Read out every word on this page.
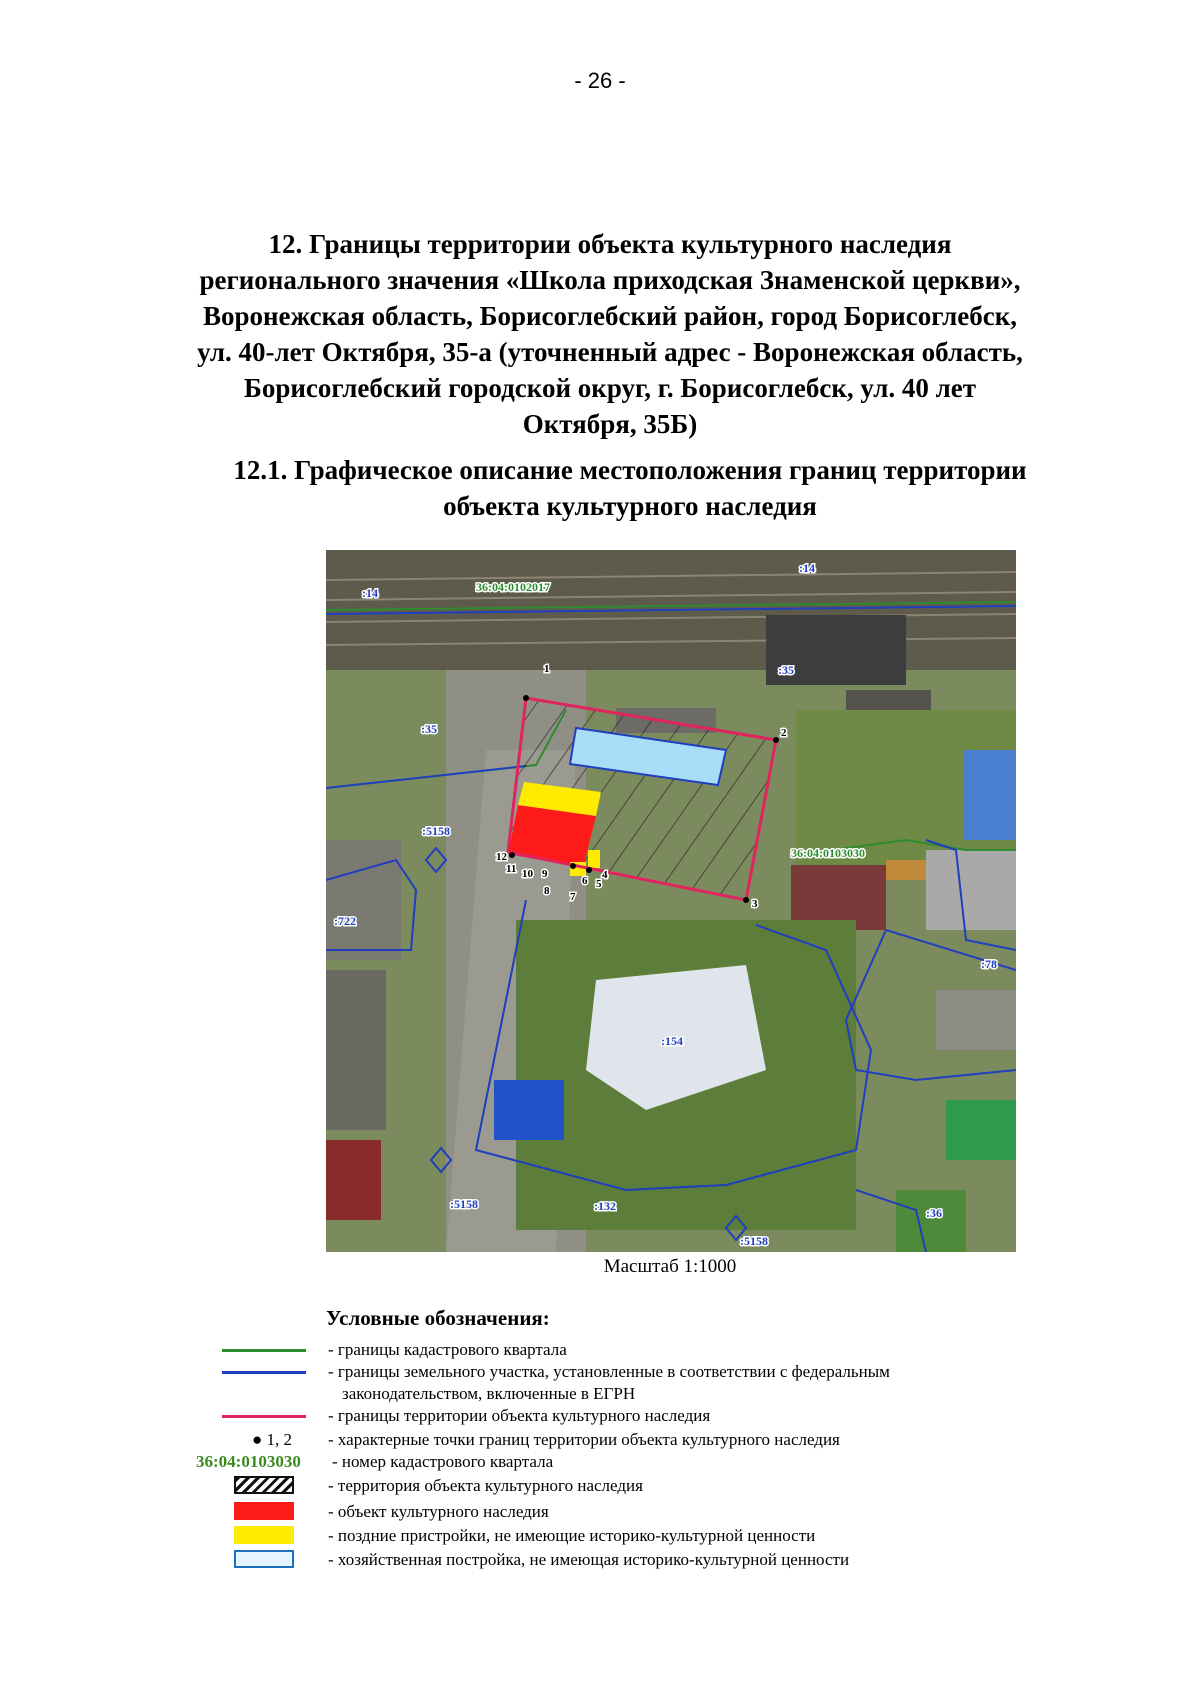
- 26 -
12. Границы территории объекта культурного наследия
регионального значения «Школа приходская Знаменской церкви»,
Воронежская область, Борисоглебский район, город Борисоглебск,
ул. 40-лет Октября, 35-а (уточненный адрес - Воронежская область,
Борисоглебский городской округ, г. Борисоглебск, ул. 40 лет
Октября, 35Б)
12.1. Графическое описание местоположения границ территории
объекта культурного наследия
36:04:0102017
36:04:0103030
:14
:14
:35
:35
:5158
:722
:78
:154
:5158	:132
:5158
:36
1
2
3
4
5
6
7
8
9
10
11
12
Масштаб 1:1000
Условные обозначения:
- границы кадастрового квартала
- границы земельного участка, установленные в соответствии с федеральным
законодательством, включенные в ЕГРН
- границы территории объекта культурного наследия
● 1, 2 - характерные точки границ территории объекта культурного наследия
36:04:0103030 - номер кадастрового квартала
- территория объекта культурного наследия
- объект культурного наследия
- поздние пристройки, не имеющие историко-культурной ценности
- хозяйственная постройка, не имеющая историко-культурной ценности
